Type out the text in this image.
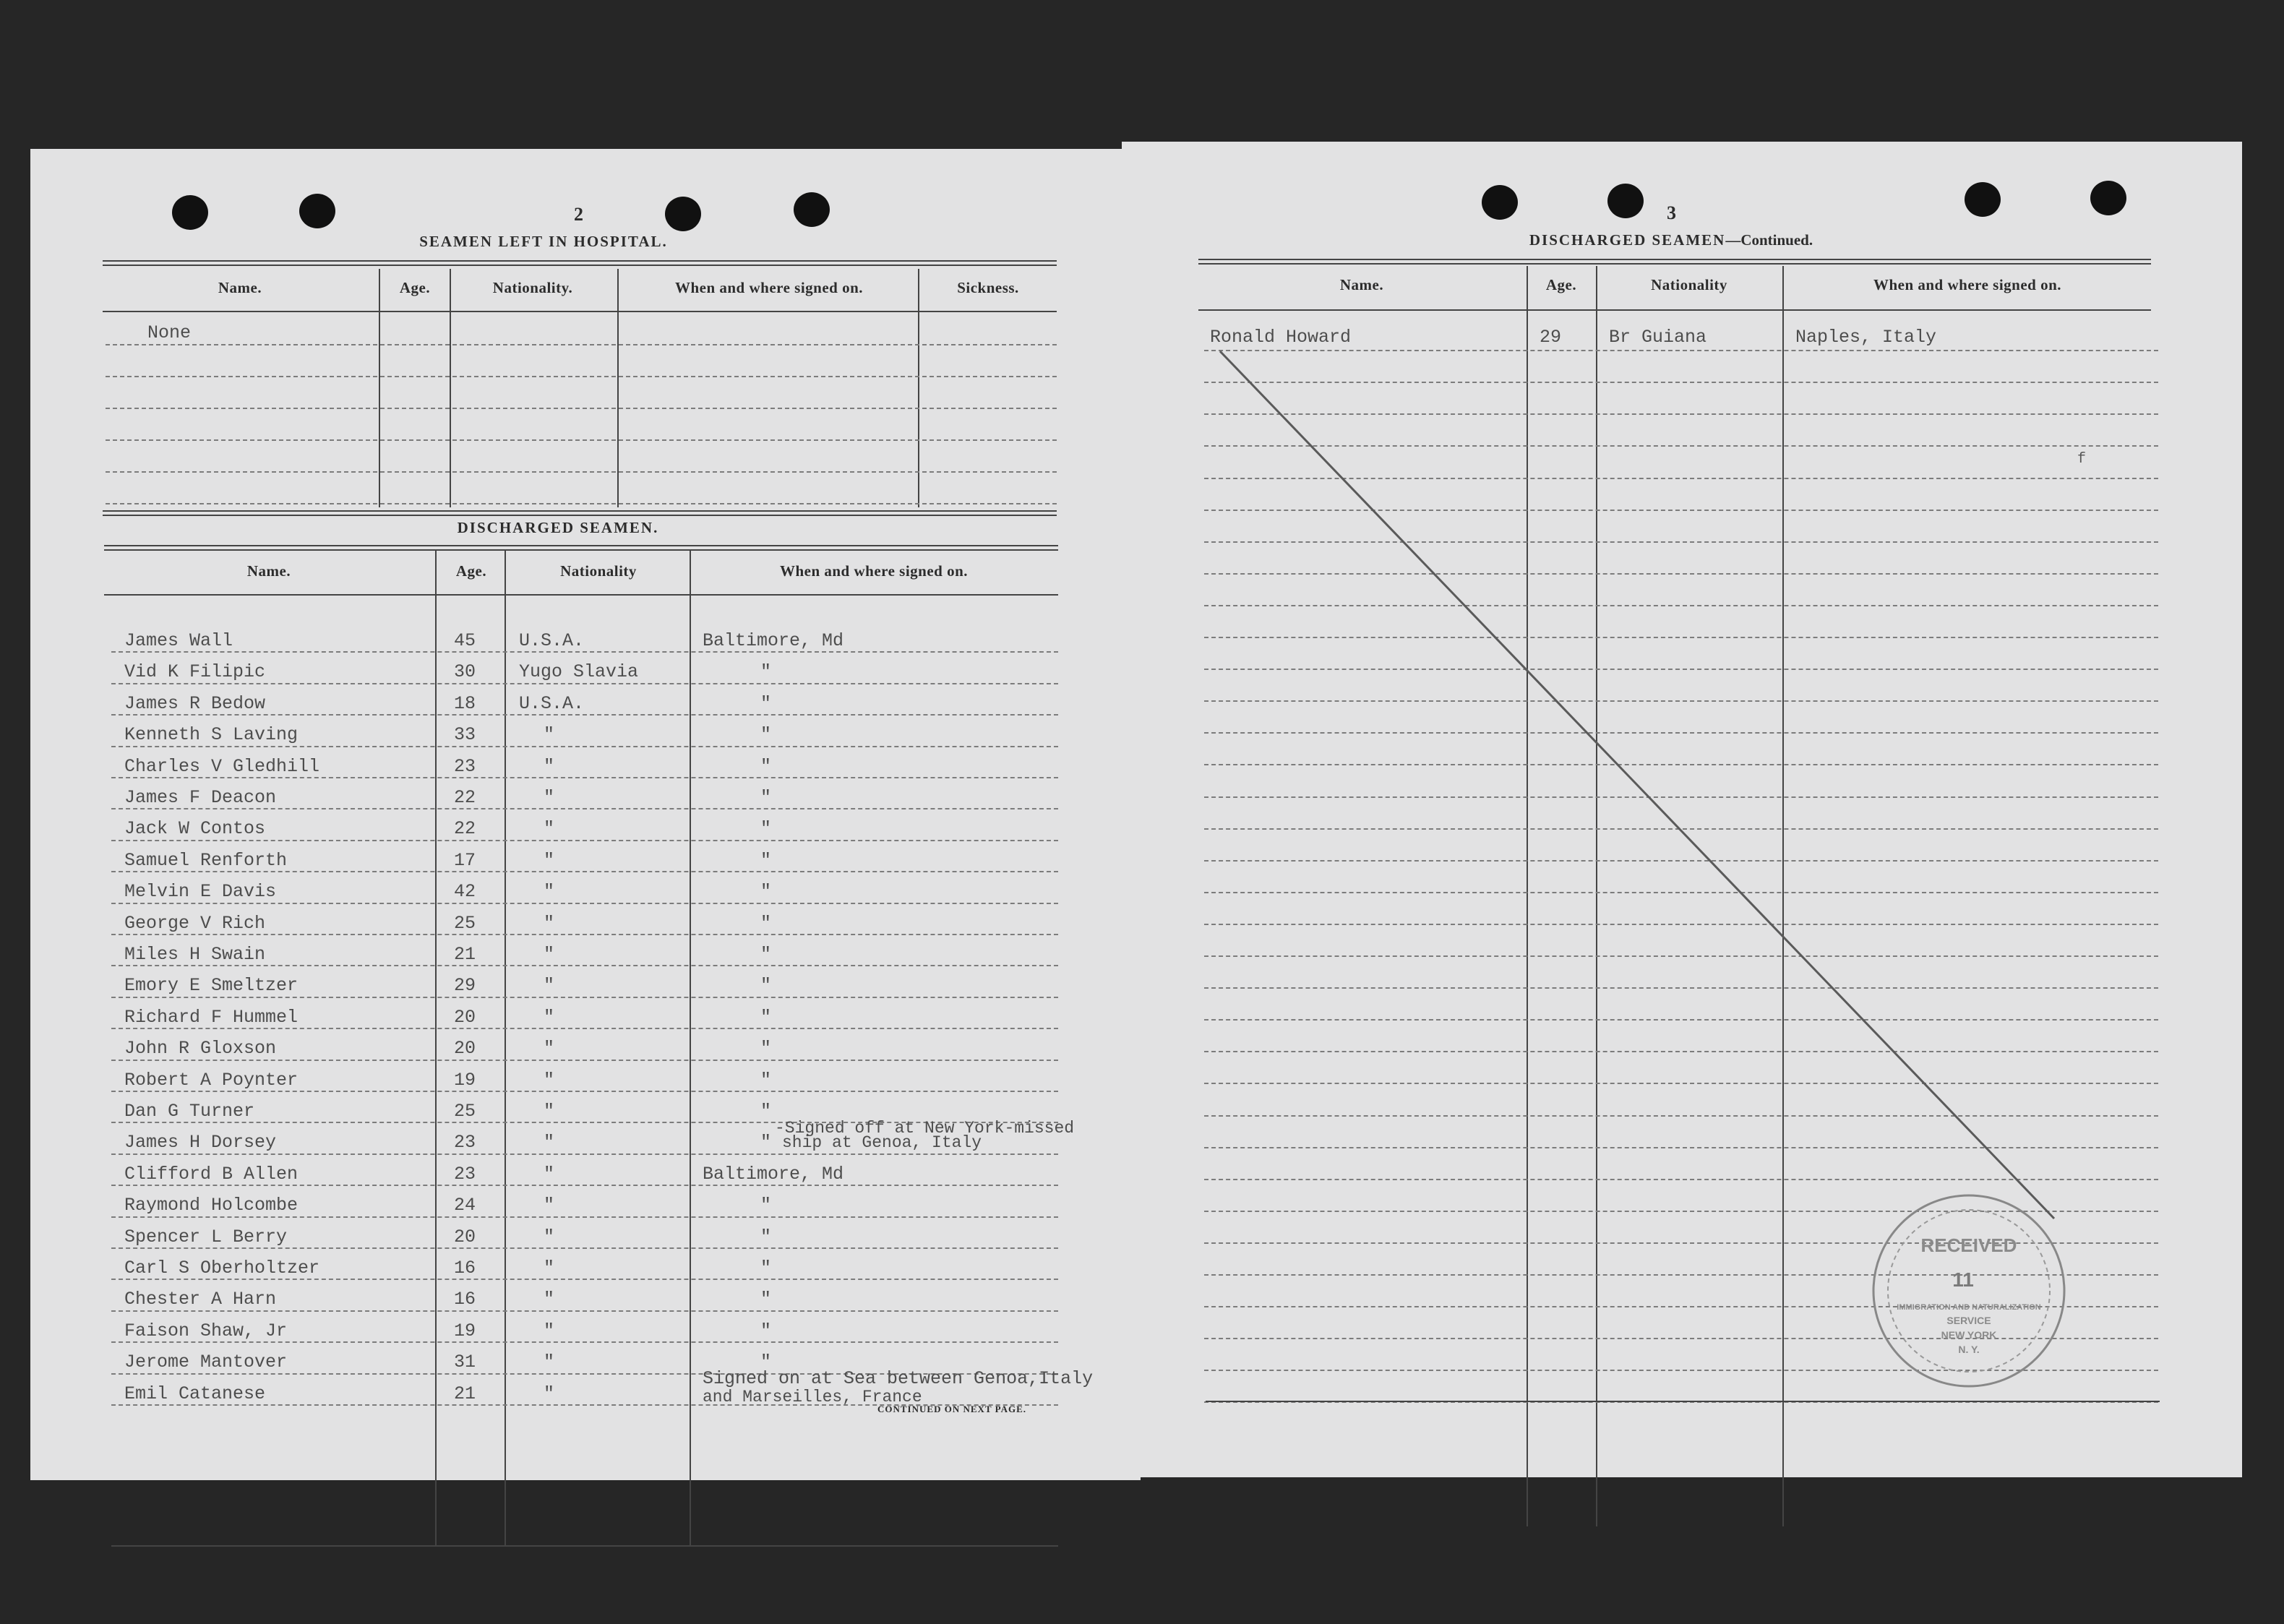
2
SEAMEN LEFT IN HOSPITAL.
Name.	Age.	Nationality.	When and where signed on.	Sickness.
None
DISCHARGED SEAMEN.
Name.	Age.	Nationality	When and where signed on.
James Wall	45 U.S.A.	Baltimore, Md
Vid K Filipic	30 Yugo Slavia	"
James R Bedow	18 U.S.A.	"
Kenneth S Laving	33	"	"
Charles V Gledhill	23	"	"
James F Deacon	22	"	"
Jack W Contos	22	"	"
Samuel Renforth	17	"	"
Melvin E Davis	42	"	"
George V Rich	25	"	"
Miles H Swain	21	"	"
Emory E Smeltzer	29	"	"
Richard F Hummel	20	"	"
John R Gloxson	20	"	"
Robert A Poynter	19	"	"
Dan G Turner	25	"	"
James H Dorsey	23	"	"
-Signed off at New York-missed
ship at Genoa, Italy
Clifford B Allen	23	"	Baltimore, Md
Raymond Holcombe	24	"	"
Spencer L Berry	20	"	"
Carl S Oberholtzer	16	"	"
Chester A Harn	16	"	"
Faison Shaw, Jr	19	"	"
Jerome Mantover	31	"	"
Emil Catanese	21	"
Signed on at Sea between Genoa,Italy
and Marseilles, France
CONTINUED ON NEXT PAGE.
3
DISCHARGED SEAMEN—Continued.
Name.	Age.	Nationality	When and where signed on.
Ronald Howard	29	Br Guiana	Naples, Italy
f
RECEIVED
11
IMMIGRATION AND NATURALIZATION
SERVICE
NEW YORK
N. Y.
